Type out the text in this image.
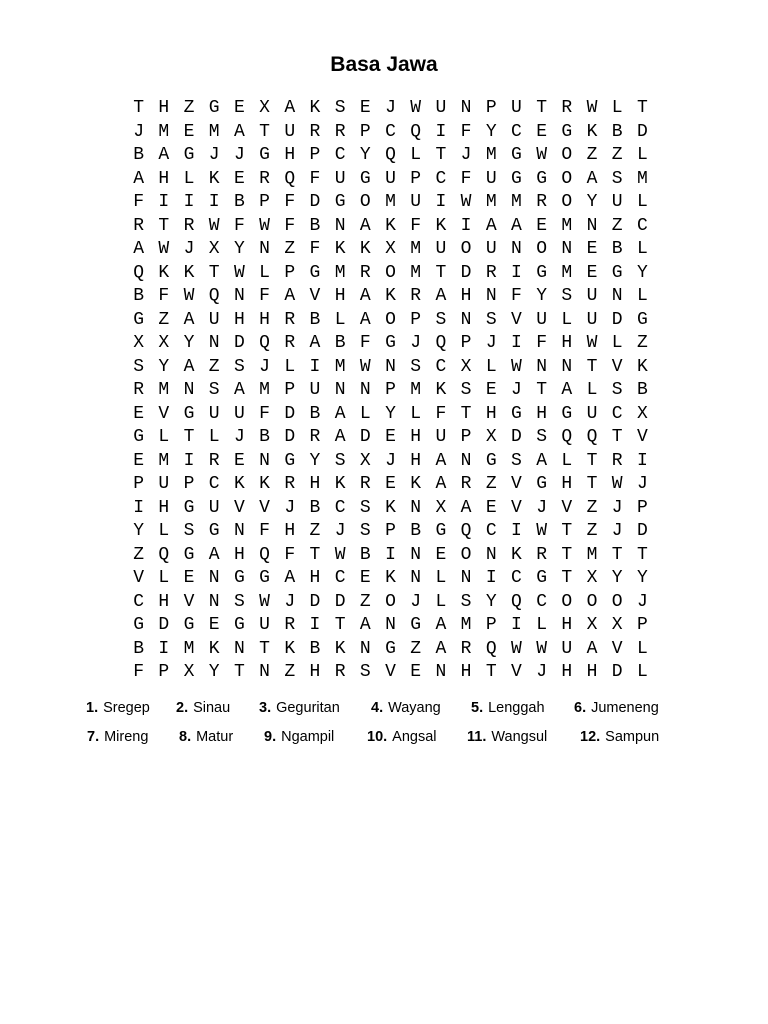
Basa Jawa
T H Z G E X A K S E J W U N P U T R W L T
J M E M A T U R R P C Q I F Y C E G K B D
B A G J J G H P C Y Q L T J M G W O Z Z L
A H L K E R Q F U G U P C F U G G O A S M
F I I I B P F D G O M U I W M M R O Y U L
R T R W F W F B N A K F K I A A E M N Z C
A W J X Y N Z F K K X M U O U N O N E B L
Q K K T W L P G M R O M T D R I G M E G Y
B F W Q N F A V H A K R A H N F Y S U N L
G Z A U H H R B L A O P S N S V U L U D G
X X Y N D Q R A B F G J Q P J I F H W L Z
S Y A Z S J L I M W N S C X L W N N T V K
R M N S A M P U N N P M K S E J T A L S B
E V G U U F D B A L Y L F T H G H G U C X
G L T L J B D R A D E H U P X D S Q Q T V
E M I R E N G Y S X J H A N G S A L T R I
P U P C K K R H K R E K A R Z V G H T W J
I H G U V V J B C S K N X A E V J V Z J P
Y L S G N F H Z J S P B G Q C I W T Z J D
Z Q G A H Q F T W B I N E O N K R T M T T
V L E N G G A H C E K N L N I C G T X Y Y
C H V N S W J D D Z O J L S Y Q C O O O J
G D G E G U R I T A N G A M P I L H X X P
B I M K N T K B K N G Z A R Q W W U A V L
F P X Y T N Z H R S V E N H T V J H H D L
1. Sregep 2. Sinau 3. Geguritan 4. Wayang 5. Lenggah 6. Jumeneng
7. Mireng 8. Matur 9. Ngampil 10. Angsal 11. Wangsul 12. Sampun
